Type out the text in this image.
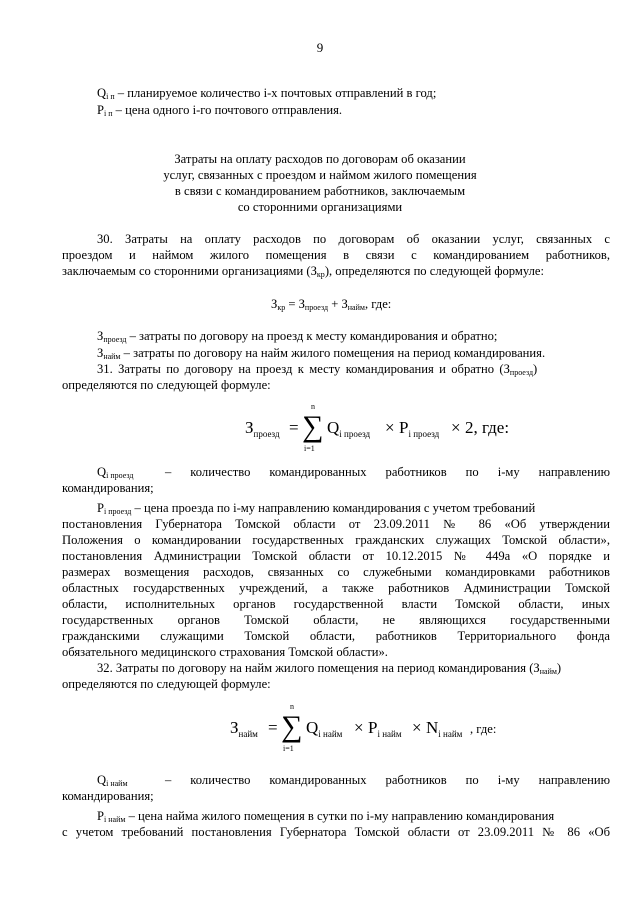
9
$Q_{i п}$ – планируемое количество i-х почтовых отправлений в год;
$P_{i п}$ – цена одного i-го почтового отправления.
Затраты на оплату расходов по договорам об оказании
услуг, связанных с проездом и наймом жилого помещения
в связи с командированием работников, заключаемым
со сторонними организациями
30. Затраты на оплату расходов по договорам об оказании услуг, связанных с
проездом и наймом жилого помещения в связи с командированием работников,
заключаемым со сторонними организациями $(З_{кр})$, определяются по следующей формуле:
$З_{кр} = З_{проезд} + З_{найм}$, где:
$З_{проезд}$ – затраты по договору на проезд к месту командирования и обратно;
$З_{найм}$ – затраты по договору на найм жилого помещения на период командирования.
31. Затраты по договору на проезд к месту командирования и обратно $(З_{проезд})$
определяются по следующей формуле:
$З_{проезд}$ =
n
∑
i=1
$Q_{i проезд} \times P_{i проезд} \times 2$, где:
$Q_{i проезд}$	– количество командированных работников по i-му направлению
командирования;
$P_{i проезд}$ – цена проезда по i-му направлению командирования с учетом требований
постановления Губернатора Томской области от 23.09.2011 № 86 «Об утверждении
Положения о командировании государственных гражданских служащих Томской области»,
постановления Администрации Томской области от 10.12.2015 № 449а «О порядке и
размерах возмещения расходов, связанных со служебными командировками работников
областных государственных учреждений, а также работников Администрации Томской
области, исполнительных органов государственной власти Томской области, иных
государственных органов Томской области, не являющихся государственными
гражданскими служащими Томской области, работников Территориального фонда
обязательного медицинского страхования Томской области».
32. Затраты по договору на найм жилого помещения на период командирования $(З_{найм})$
определяются по следующей формуле:
$З_{найм}$ =
n
∑
i=1
$Q_{i найм} \times P_{i найм} \times N_{i найм}$ , где:
$Q_{i найм}$	– количество командированных работников по i-му направлению
командирования;
$P_{i найм}$ – цена найма жилого помещения в сутки по i-му направлению командирования
с учетом требований постановления Губернатора Томской области от 23.09.2011 № 86 «Об
